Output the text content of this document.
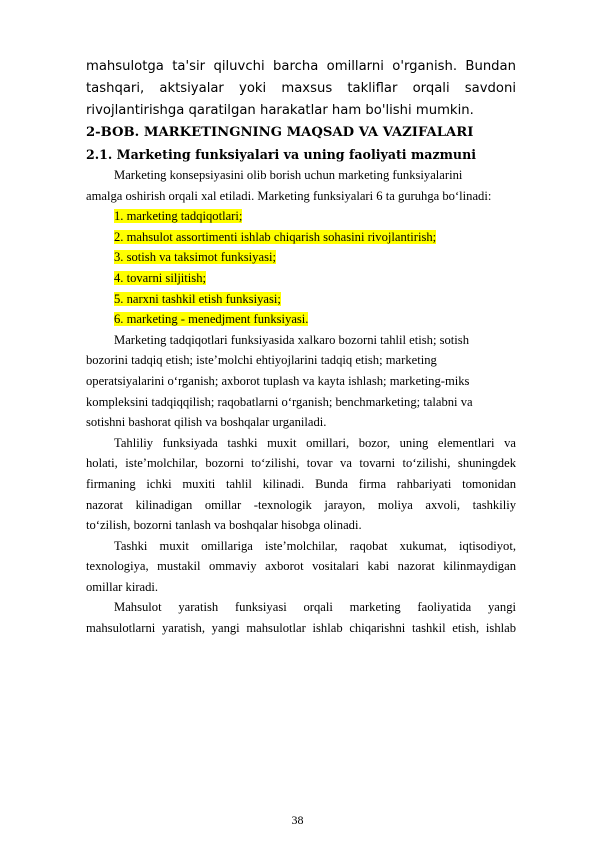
mahsulotga ta'sir qiluvchi barcha omillarni o'rganish. Bundan
tashqari, aktsiyalar yoki maxsus takliflar orqali savdoni
rivojlantirishga qaratilgan harakatlar ham bo'lishi mumkin.

2-BOB. MARKETINGNING MAQSAD VA VAZIFALARI
2.1. Marketing funksiyalari va uning faoliyati mazmuni

Marketing konsepsiyasini olib borish uchun marketing funksiyalarini
amalga oshirish orqali xal etiladi. Marketing funksiyalari 6 ta guruhga bo‘linadi:

1. marketing tadqiqotlari;
2. mahsulot assortimenti ishlab chiqarish sohasini rivojlantirish;
3. sotish va taksimot funksiyasi;
4. tovarni siljitish;
5. narxni tashkil etish funksiyasi;
6. marketing - menedjment funksiyasi.

Marketing tadqiqotlari funksiyasida xalkaro bozorni tahlil etish; sotish
bozorini tadqiq etish; iste’molchi ehtiyojlarini tadqiq etish; marketing
operatsiyalarini o‘rganish; axborot tuplash va kayta ishlash; marketing-miks
kompleksini tadqiqqilish; raqobatlarni o‘rganish; benchmarketing; talabni va
sotishni bashorat qilish va boshqalar urganiladi.

Tahliliy funksiyada tashki muxit omillari, bozor, uning elementlari va
holati, iste’molchilar, bozorni to‘zilishi, tovar va tovarni to‘zilishi, shuningdek
firmaning ichki muxiti tahlil kilinadi. Bunda firma rahbariyati tomonidan
nazorat kilinadigan omillar -texnologik jarayon, moliya axvoli, tashkiliy
to‘zilish, bozorni tanlash va boshqalar hisobga olinadi.

Tashki muxit omillariga iste’molchilar, raqobat xukumat, iqtisodiyot,
texnologiya, mustakil ommaviy axborot vositalari kabi nazorat kilinmaydigan
omillar kiradi.

Mahsulot yaratish funksiyasi orqali marketing faoliyatida yangi
mahsulotlarni yaratish, yangi mahsulotlar ishlab chiqarishni tashkil etish, ishlab

38
